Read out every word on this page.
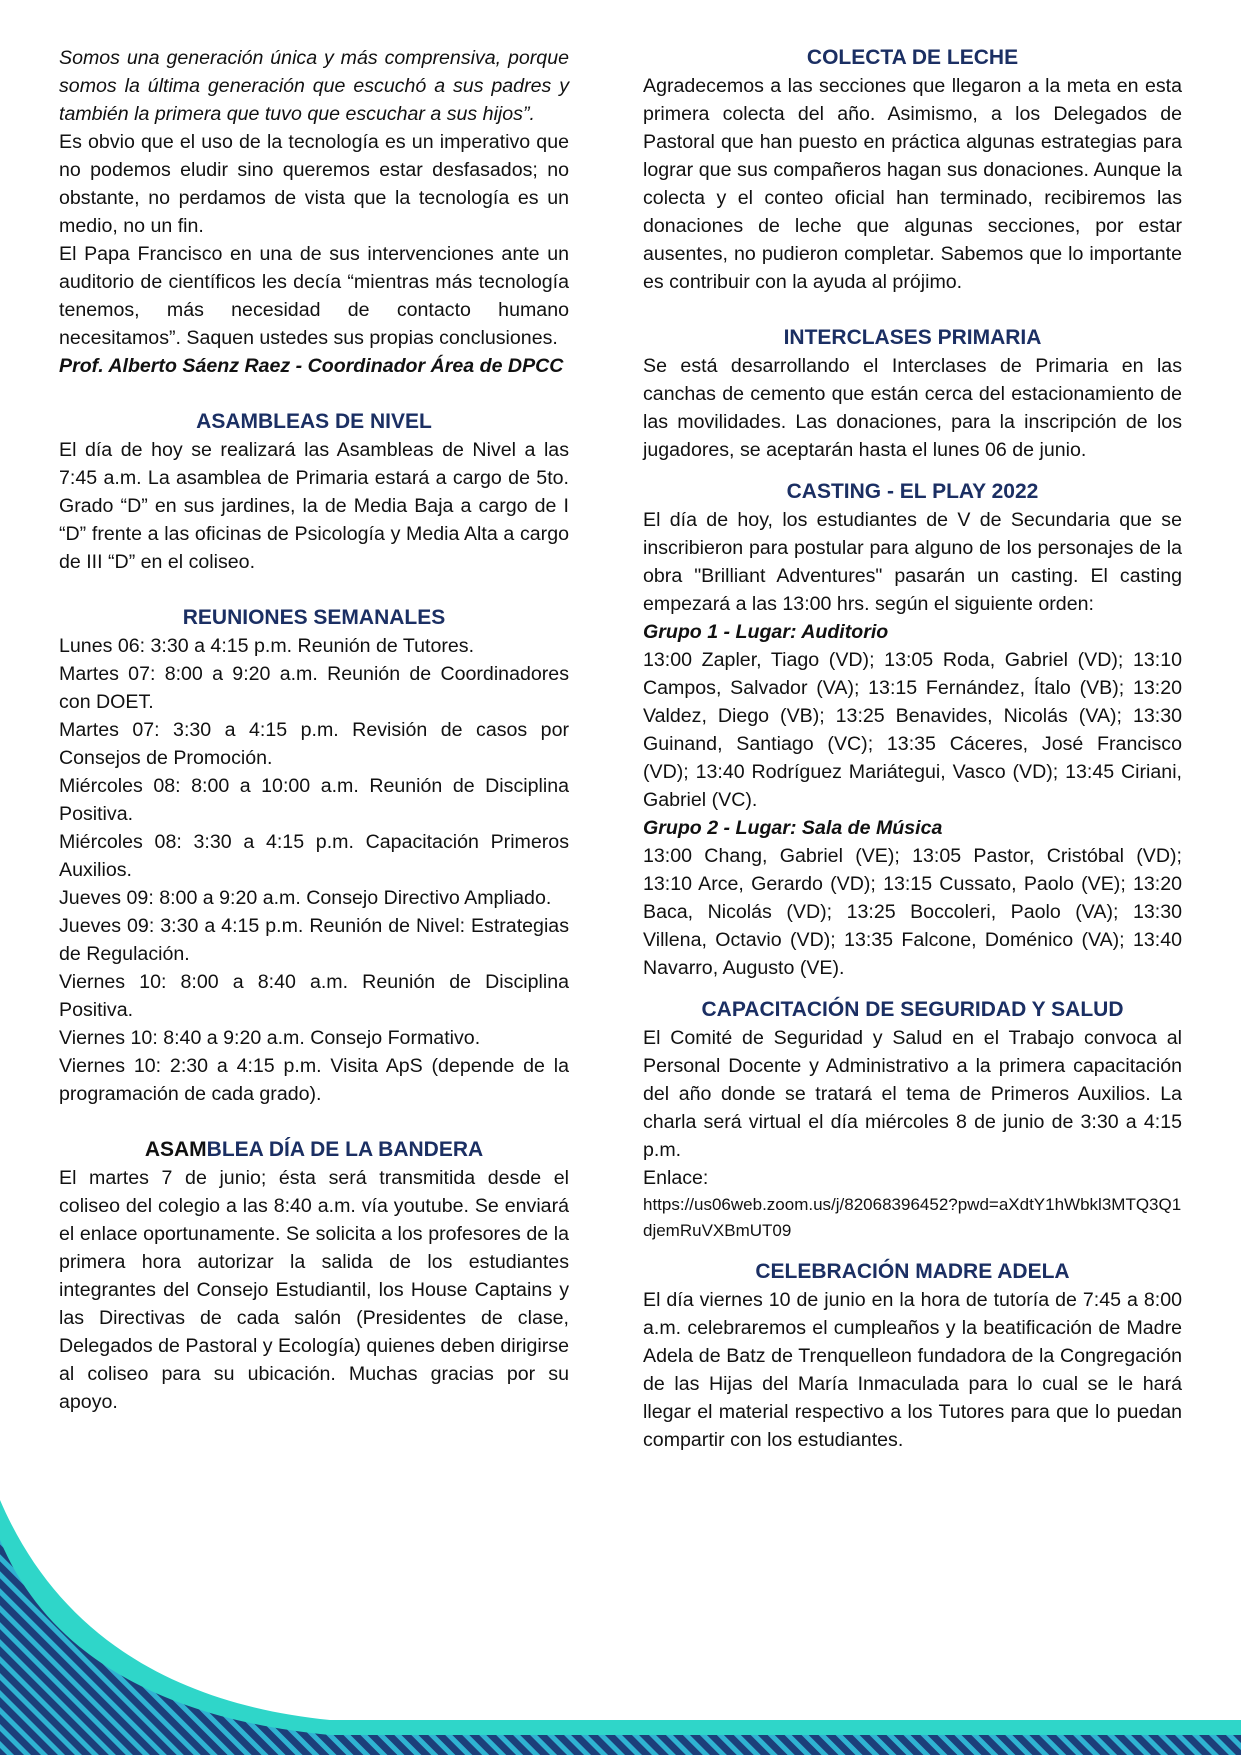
Somos una generación única y más comprensiva, porque somos la última generación que escuchó a sus padres y también la primera que tuvo que escuchar a sus hijos”.

Es obvio que el uso de la tecnología es un imperativo que no podemos eludir sino queremos estar desfasados; no obstante, no perdamos de vista que la tecnología es un medio, no un fin.

El Papa Francisco en una de sus intervenciones ante un auditorio de científicos les decía “mientras más tecnología tenemos, más necesidad de contacto humano necesitamos”. Saquen ustedes sus propias conclusiones.

Prof. Alberto Sáenz Raez - Coordinador Área de DPCC

ASAMBLEAS DE NIVEL

El día de hoy se realizará las Asambleas de Nivel a las 7:45 a.m. La asamblea de Primaria estará a cargo de 5to. Grado “D” en sus jardines, la de Media Baja a cargo de I “D” frente a las oficinas de Psicología y Media Alta a cargo de III “D” en el coliseo.

REUNIONES SEMANALES

Lunes 06: 3:30 a 4:15 p.m. Reunión de Tutores.

Martes 07: 8:00 a 9:20 a.m. Reunión de Coordinadores con DOET.

Martes 07: 3:30 a 4:15 p.m. Revisión de casos por Consejos de Promoción.

Miércoles 08: 8:00 a 10:00 a.m. Reunión de Disciplina Positiva.

Miércoles 08: 3:30 a 4:15 p.m. Capacitación Primeros Auxilios.

Jueves 09: 8:00 a 9:20 a.m. Consejo Directivo Ampliado.

Jueves 09: 3:30 a 4:15 p.m. Reunión de Nivel: Estrategias de Regulación.

Viernes 10: 8:00 a 8:40 a.m. Reunión de Disciplina Positiva.

Viernes 10: 8:40 a 9:20 a.m. Consejo Formativo.

Viernes 10: 2:30 a 4:15 p.m. Visita ApS (depende de la programación de cada grado).

ASAMBLEA DÍA DE LA BANDERA

El martes 7 de junio; ésta será transmitida desde el coliseo del colegio a las 8:40 a.m. vía youtube. Se enviará el enlace oportunamente. Se solicita a los profesores de la primera hora autorizar la salida de los estudiantes integrantes del Consejo Estudiantil, los House Captains y las Directivas de cada salón (Presidentes de clase, Delegados de Pastoral y Ecología) quienes deben dirigirse al coliseo para su ubicación. Muchas gracias por su apoyo.

COLECTA DE LECHE

Agradecemos a las secciones que llegaron a la meta en esta primera colecta del año. Asimismo, a los Delegados de Pastoral que han puesto en práctica algunas estrategias para lograr que sus compañeros hagan sus donaciones. Aunque la colecta y el conteo oficial han terminado, recibiremos las donaciones de leche que algunas secciones, por estar ausentes, no pudieron completar. Sabemos que lo importante es contribuir con la ayuda al prójimo.

INTERCLASES PRIMARIA

Se está desarrollando el Interclases de Primaria en las canchas de cemento que están cerca del estacionamiento de las movilidades. Las donaciones, para la inscripción de los jugadores, se aceptarán hasta el lunes 06 de junio.

CASTING - EL PLAY 2022

El día de hoy, los estudiantes de V de Secundaria que se inscribieron para postular para alguno de los personajes de la obra "Brilliant Adventures" pasarán un casting. El casting empezará a las 13:00 hrs. según el siguiente orden:

Grupo 1 - Lugar: Auditorio

13:00 Zapler, Tiago (VD); 13:05 Roda, Gabriel (VD); 13:10 Campos, Salvador (VA); 13:15 Fernández, Ítalo (VB); 13:20 Valdez, Diego (VB); 13:25 Benavides, Nicolás (VA); 13:30 Guinand, Santiago (VC); 13:35 Cáceres, José Francisco (VD); 13:40 Rodríguez Mariátegui, Vasco (VD); 13:45 Ciriani, Gabriel (VC).

Grupo 2 - Lugar: Sala de Música

13:00 Chang, Gabriel (VE); 13:05 Pastor, Cristóbal (VD); 13:10 Arce, Gerardo (VD); 13:15 Cussato, Paolo (VE); 13:20 Baca, Nicolás (VD); 13:25 Boccoleri, Paolo (VA); 13:30 Villena, Octavio (VD); 13:35 Falcone, Doménico (VA); 13:40 Navarro, Augusto (VE).

CAPACITACIÓN DE SEGURIDAD Y SALUD

El Comité de Seguridad y Salud en el Trabajo convoca al Personal Docente y Administrativo a la primera capacitación del año donde se tratará el tema de Primeros Auxilios. La charla será virtual el día miércoles 8 de junio de 3:30 a 4:15 p.m.

Enlace:

https://us06web.zoom.us/j/82068396452?pwd=aXdtY1hWbkl3MTQ3Q1djemRuVXBmUT09

CELEBRACIÓN MADRE ADELA

El día viernes 10 de junio en la hora de tutoría de 7:45 a 8:00 a.m. celebraremos el cumpleaños y la beatificación de Madre Adela de Batz de Trenquelleon fundadora de la Congregación de las Hijas del María Inmaculada para lo cual se le hará llegar el material respectivo a los Tutores para que lo puedan compartir con los estudiantes.
